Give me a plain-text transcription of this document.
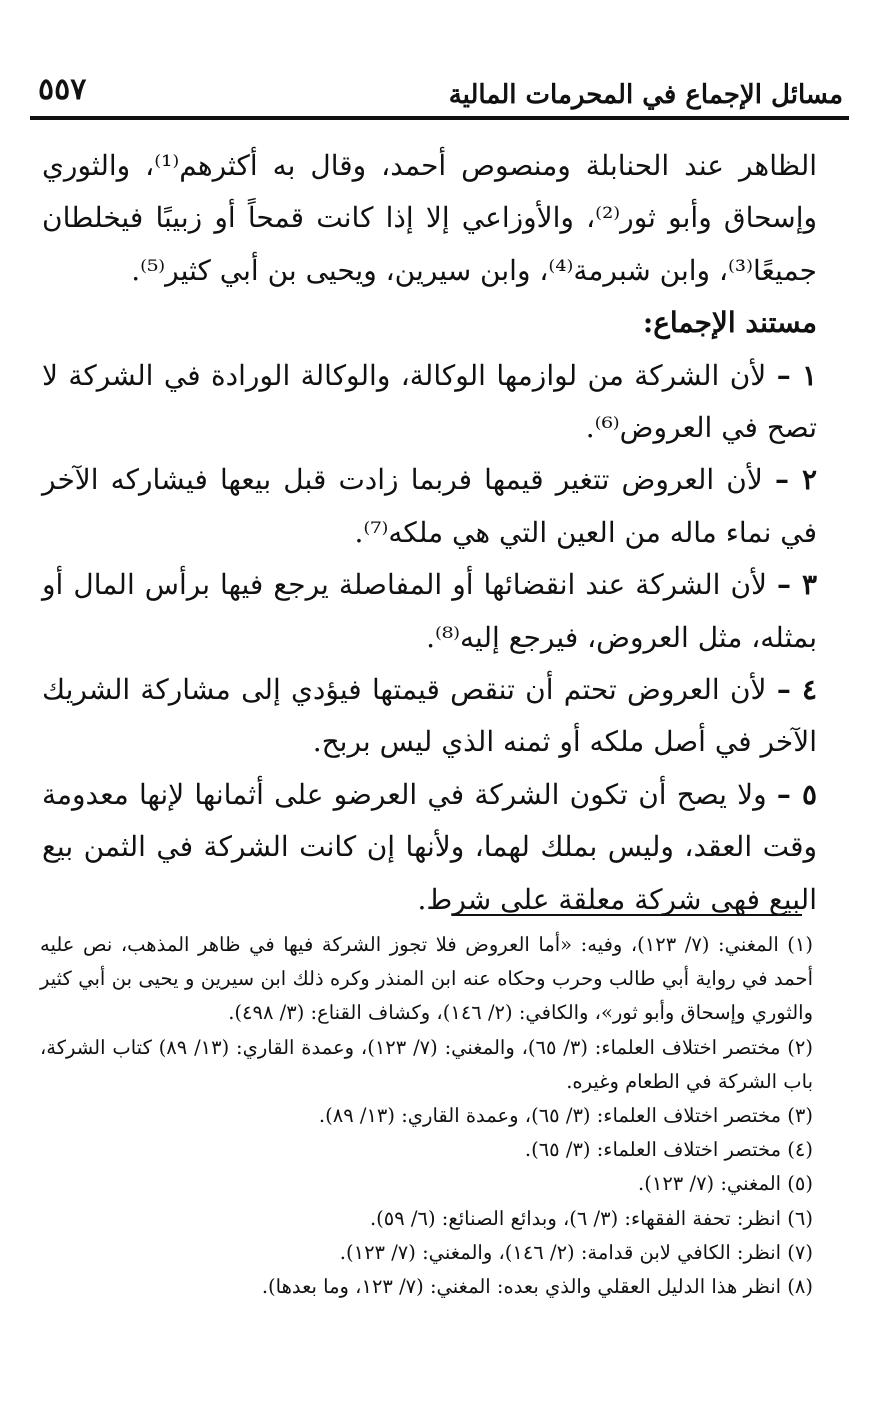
٥٥٧	مسائل الإجماع في المحرمات المالية

الظاهر عند الحنابلة ومنصوص أحمد، وقال به أكثرهم⁽¹⁾، والثوري وإسحاق وأبو ثور⁽²⁾، والأوزاعي إلا إذا كانت قمحاً أو زبيبًا فيخلطان جميعًا⁽³⁾، وابن شبرمة⁽⁴⁾، وابن سيرين، ويحيى بن أبي كثير⁽⁵⁾.

مستند الإجماع:

١ – لأن الشركة من لوازمها الوكالة، والوكالة الورادة في الشركة لا تصح في العروض⁽⁶⁾.

٢ – لأن العروض تتغير قيمها فربما زادت قبل بيعها فيشاركه الآخر في نماء ماله من العين التي هي ملكه⁽⁷⁾.

٣ – لأن الشركة عند انقضائها أو المفاصلة يرجع فيها برأس المال أو بمثله، مثل العروض، فيرجع إليه⁽⁸⁾.

٤ – لأن العروض تحتم أن تنقص قيمتها فيؤدي إلى مشاركة الشريك الآخر في أصل ملكه أو ثمنه الذي ليس بربح.

٥ – ولا يصح أن تكون الشركة في العرضو على أثمانها لإنها معدومة وقت العقد، وليس بملك لهما، ولأنها إن كانت الشركة في الثمن بيع البيع فهي شركة معلقة على شرط.

(١) المغني: (٧/ ١٢٣)، وفيه: «أما العروض فلا تجوز الشركة فيها في ظاهر المذهب، نص عليه أحمد في رواية أبي طالب وحرب وحكاه عنه ابن المنذر وكره ذلك ابن سيرين و يحيى بن أبي كثير والثوري وإسحاق وأبو ثور»، والكافي: (٢/ ١٤٦)، وكشاف القناع: (٣/ ٤٩٨).

(٢) مختصر اختلاف العلماء: (٣/ ٦٥)، والمغني: (٧/ ١٢٣)، وعمدة القاري: (١٣/ ٨٩) كتاب الشركة، باب الشركة في الطعام وغيره.

(٣) مختصر اختلاف العلماء: (٣/ ٦٥)، وعمدة القاري: (١٣/ ٨٩).

(٤) مختصر اختلاف العلماء: (٣/ ٦٥).

(٥) المغني: (٧/ ١٢٣).

(٦) انظر: تحفة الفقهاء: (٣/ ٦)، وبدائع الصنائع: (٦/ ٥٩).

(٧) انظر: الكافي لابن قدامة: (٢/ ١٤٦)، والمغني: (٧/ ١٢٣).

(٨) انظر هذا الدليل العقلي والذي بعده: المغني: (٧/ ١٢٣، وما بعدها).
